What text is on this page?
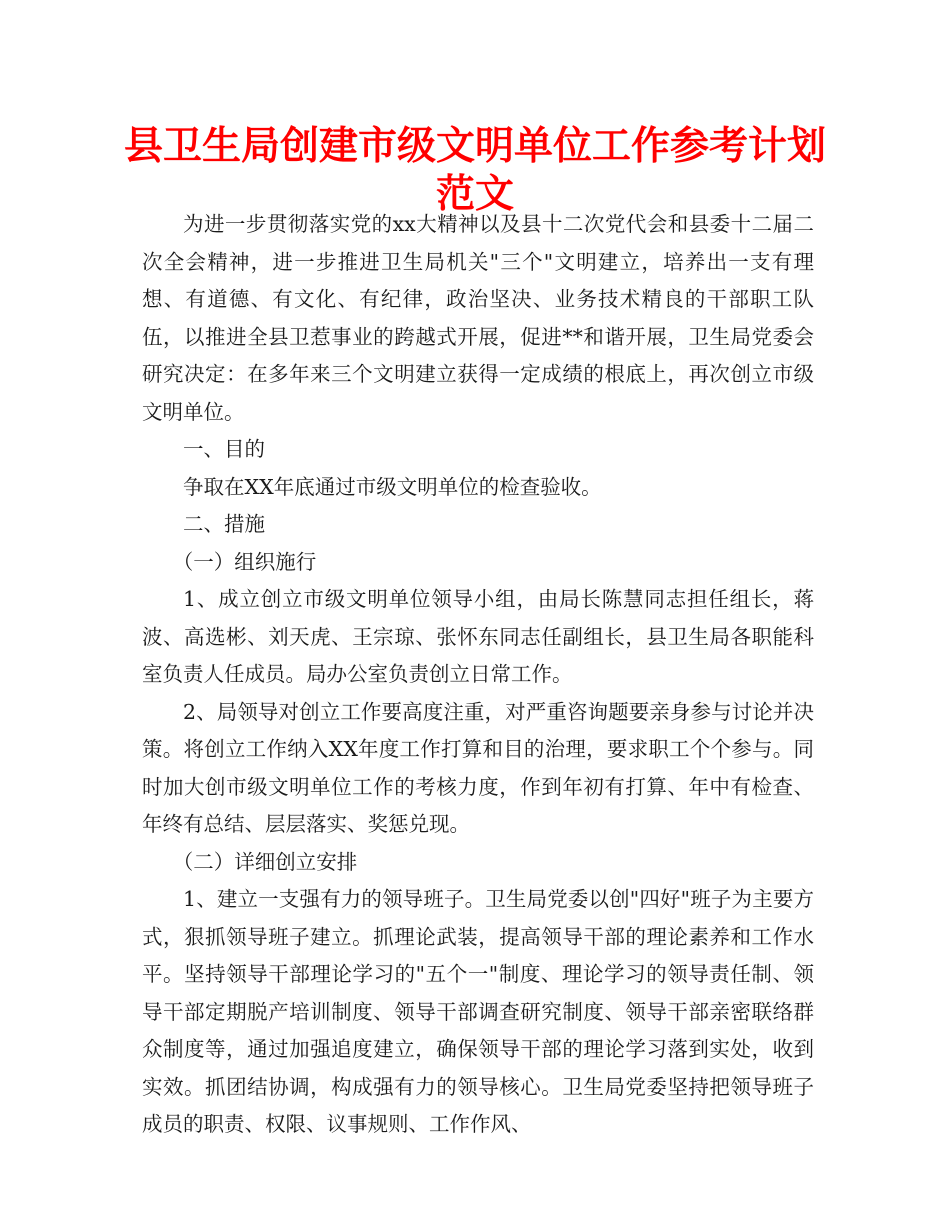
县卫生局创建市级文明单位工作参考计划
范文

为进一步贯彻落实党的xx大精神以及县十二次党代会和县委十二届二次全会精神，进一步推进卫生局机关"三个"文明建立，培养出一支有理想、有道德、有文化、有纪律，政治坚决、业务技术精良的干部职工队伍，以推进全县卫惹事业的跨越式开展，促进**和谐开展，卫生局党委会研究决定：在多年来三个文明建立获得一定成绩的根底上，再次创立市级文明单位。

一、目的

争取在XX年底通过市级文明单位的检查验收。

二、措施

（一）组织施行

1、成立创立市级文明单位领导小组，由局长陈慧同志担任组长，蒋波、高选彬、刘天虎、王宗琼、张怀东同志任副组长，县卫生局各职能科室负责人任成员。局办公室负责创立日常工作。

2、局领导对创立工作要高度注重，对严重咨询题要亲身参与讨论并决策。将创立工作纳入XX年度工作打算和目的治理，要求职工个个参与。同时加大创市级文明单位工作的考核力度，作到年初有打算、年中有检查、年终有总结、层层落实、奖惩兑现。

（二）详细创立安排

1、建立一支强有力的领导班子。卫生局党委以创"四好"班子为主要方式，狠抓领导班子建立。抓理论武装，提高领导干部的理论素养和工作水平。坚持领导干部理论学习的"五个一"制度、理论学习的领导责任制、领导干部定期脱产培训制度、领导干部调查研究制度、领导干部亲密联络群众制度等，通过加强追度建立，确保领导干部的理论学习落到实处，收到实效。抓团结协调，构成强有力的领导核心。卫生局党委坚持把领导班子成员的职责、权限、议事规则、工作作风、
